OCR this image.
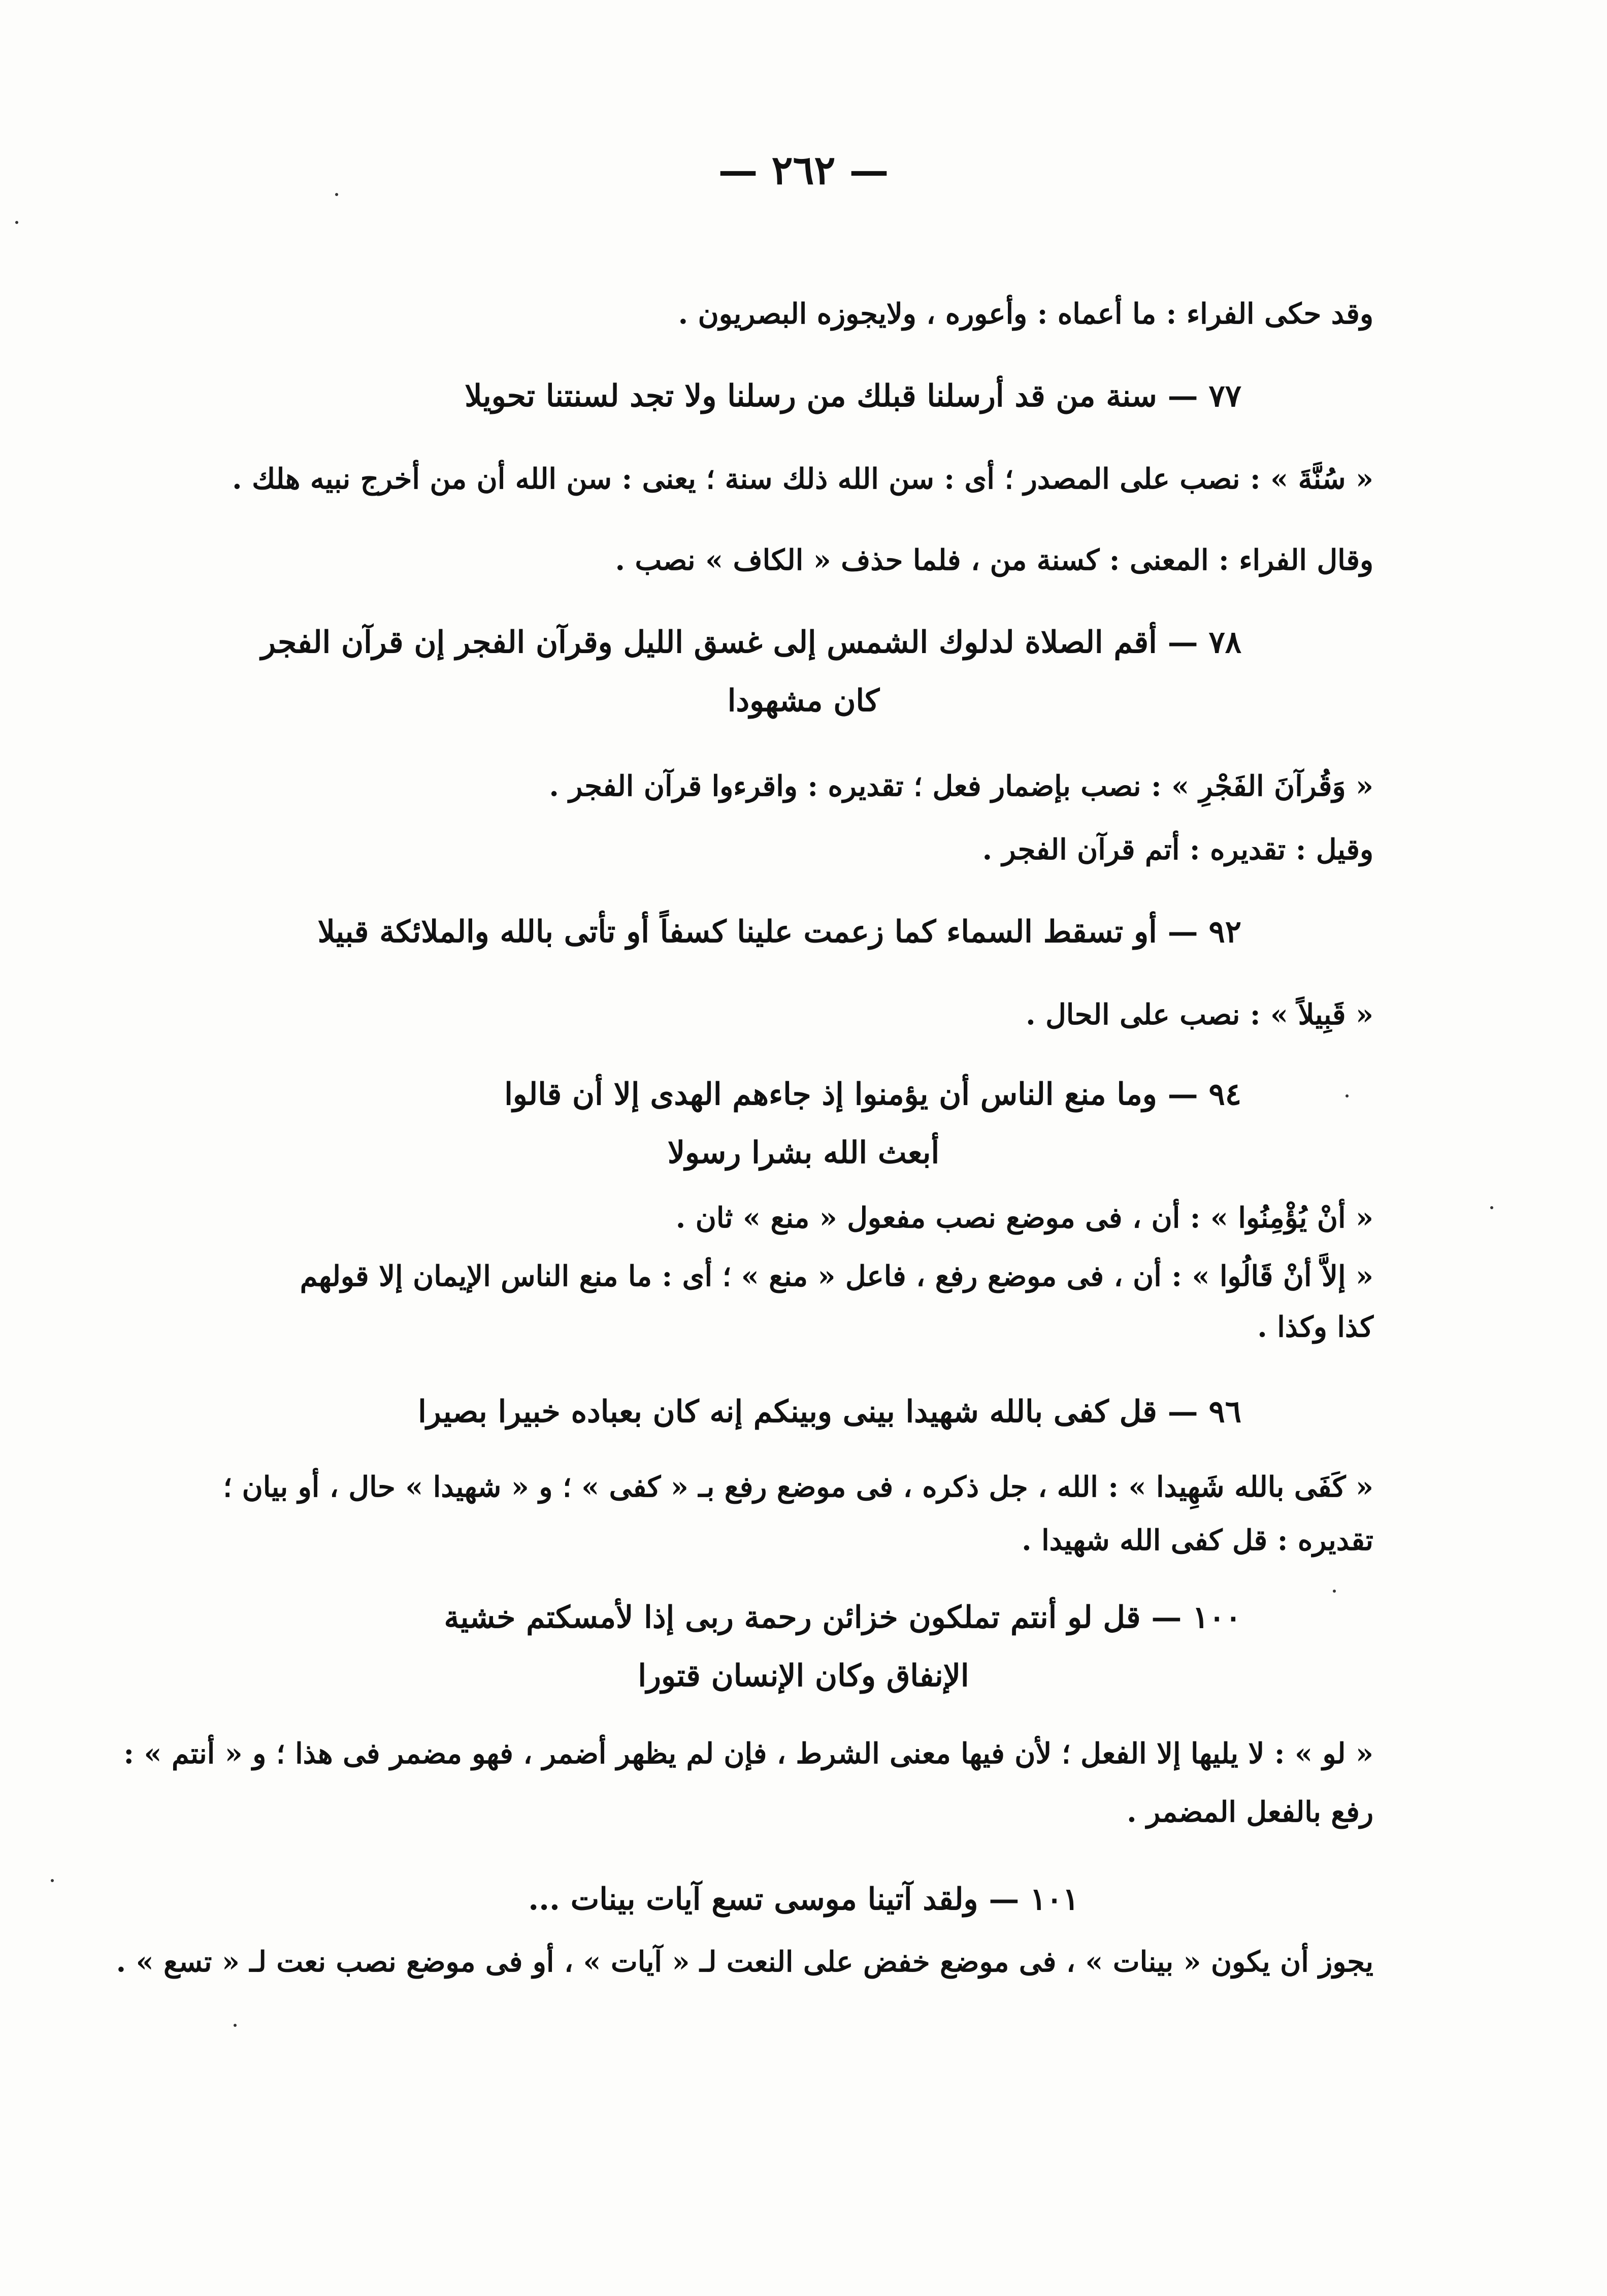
— ٢٦٢ —
وقد حكى الفراء : ما أعماه : وأعوره ، ولايجوزه البصريون .
٧٧ — سنة من قد أرسلنا قبلك من رسلنا ولا تجد لسنتنا تحويلا
« سُنَّةَ » : نصب على المصدر ؛ أى : سن الله ذلك سنة ؛ يعنى : سن الله أن من أخرج نبيه هلك .
وقال الفراء : المعنى : كسنة من ، فلما حذف « الكاف » نصب .
٧٨ — أقم الصلاة لدلوك الشمس إلى غسق الليل وقرآن الفجر إن قرآن الفجر
كان مشهودا
« وَقُرآنَ الفَجْرِ » : نصب بإضمار فعل ؛ تقديره : واقرءوا قرآن الفجر .
وقيل : تقديره : أتم قرآن الفجر .
٩٢ — أو تسقط السماء كما زعمت علينا كسفاً أو تأتى بالله والملائكة قبيلا
« قَبِيلاً » : نصب على الحال .
٩٤ — وما منع الناس أن يؤمنوا إذ جاءهم الهدى إلا أن قالوا
أبعث الله بشرا رسولا
« أنْ يُؤْمِنُوا » : أن ، فى موضع نصب مفعول « منع » ثان .
« إلاَّ أنْ قَالُوا » : أن ، فى موضع رفع ، فاعل « منع » ؛ أى : ما منع الناس الإيمان إلا قولهم
كذا وكذا .
٩٦ — قل كفى بالله شهيدا بينى وبينكم إنه كان بعباده خبيرا بصيرا
« كَفَى بالله شَهِيدا » : الله ، جل ذكره ، فى موضع رفع بـ « كفى » ؛ و « شهيدا » حال ، أو بيان ؛
تقديره : قل كفى الله شهيدا .
١٠٠ — قل لو أنتم تملكون خزائن رحمة ربى إذا لأمسكتم خشية
الإنفاق وكان الإنسان قتورا
« لو » : لا يليها إلا الفعل ؛ لأن فيها معنى الشرط ، فإن لم يظهر أضمر ، فهو مضمر فى هذا ؛ و « أنتم » :
رفع بالفعل المضمر .
١٠١ — ولقد آتينا موسى تسع آيات بينات ...
يجوز أن يكون « بينات » ، فى موضع خفض على النعت لـ « آيات » ، أو فى موضع نصب نعت لـ « تسع » .
